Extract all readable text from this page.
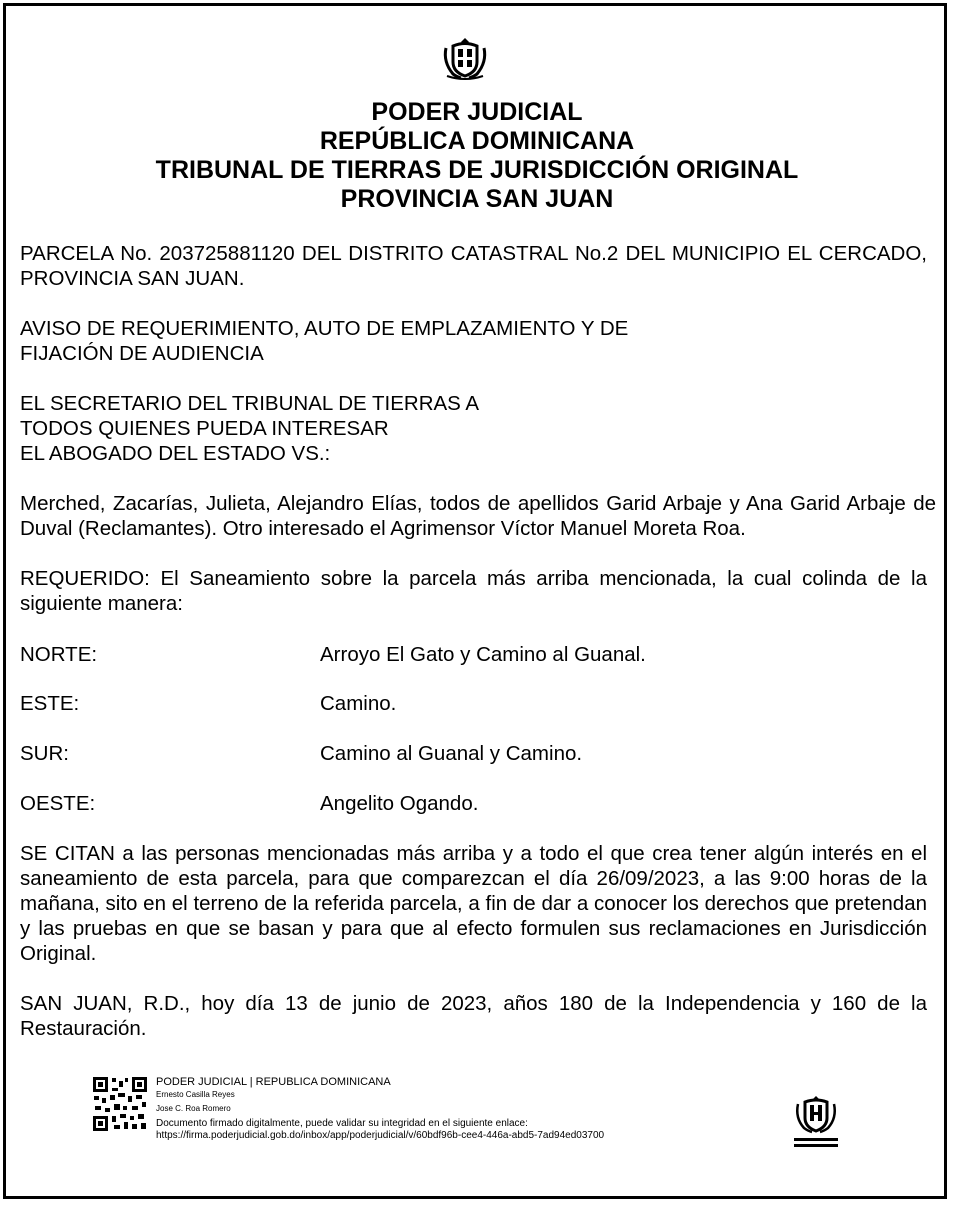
PODER JUDICIAL
REPÚBLICA DOMINICANA
TRIBUNAL DE TIERRAS DE JURISDICCIÓN ORIGINAL
PROVINCIA SAN JUAN
PARCELA No. 203725881120 DEL DISTRITO CATASTRAL No.2 DEL MUNICIPIO EL CERCADO, PROVINCIA SAN JUAN.
AVISO DE REQUERIMIENTO, AUTO DE EMPLAZAMIENTO Y DE
FIJACIÓN DE AUDIENCIA
EL SECRETARIO DEL TRIBUNAL DE TIERRAS A
TODOS QUIENES PUEDA INTERESAR
EL ABOGADO DEL ESTADO VS.:
Merched, Zacarías, Julieta, Alejandro Elías, todos de apellidos Garid Arbaje y Ana Garid Arbaje de Duval (Reclamantes). Otro interesado el Agrimensor Víctor Manuel Moreta Roa.
REQUERIDO: El Saneamiento sobre la parcela más arriba mencionada, la cual colinda de la siguiente manera:
NORTE:	Arroyo El Gato y Camino al Guanal.
ESTE:	Camino.
SUR:	Camino al Guanal y Camino.
OESTE:	Angelito Ogando.
SE CITAN a las personas mencionadas más arriba y a todo el que crea tener algún interés en el saneamiento de esta parcela, para que comparezcan el día 26/09/2023, a las 9:00 horas de la mañana, sito en el terreno de la referida parcela, a fin de dar a conocer los derechos que pretendan y las pruebas en que se basan y para que al efecto formulen sus reclamaciones en Jurisdicción Original.
SAN JUAN, R.D., hoy día 13 de junio de 2023, años 180 de la Independencia y 160 de la Restauración.
PODER JUDICIAL | REPUBLICA DOMINICANA
Ernesto Casilla Reyes
Jose C. Roa Romero
Documento firmado digitalmente, puede validar su integridad en el siguiente enlace:
https://firma.poderjudicial.gob.do/inbox/app/poderjudicial/v/60bdf96b-cee4-446a-abd5-7ad94ed03700
